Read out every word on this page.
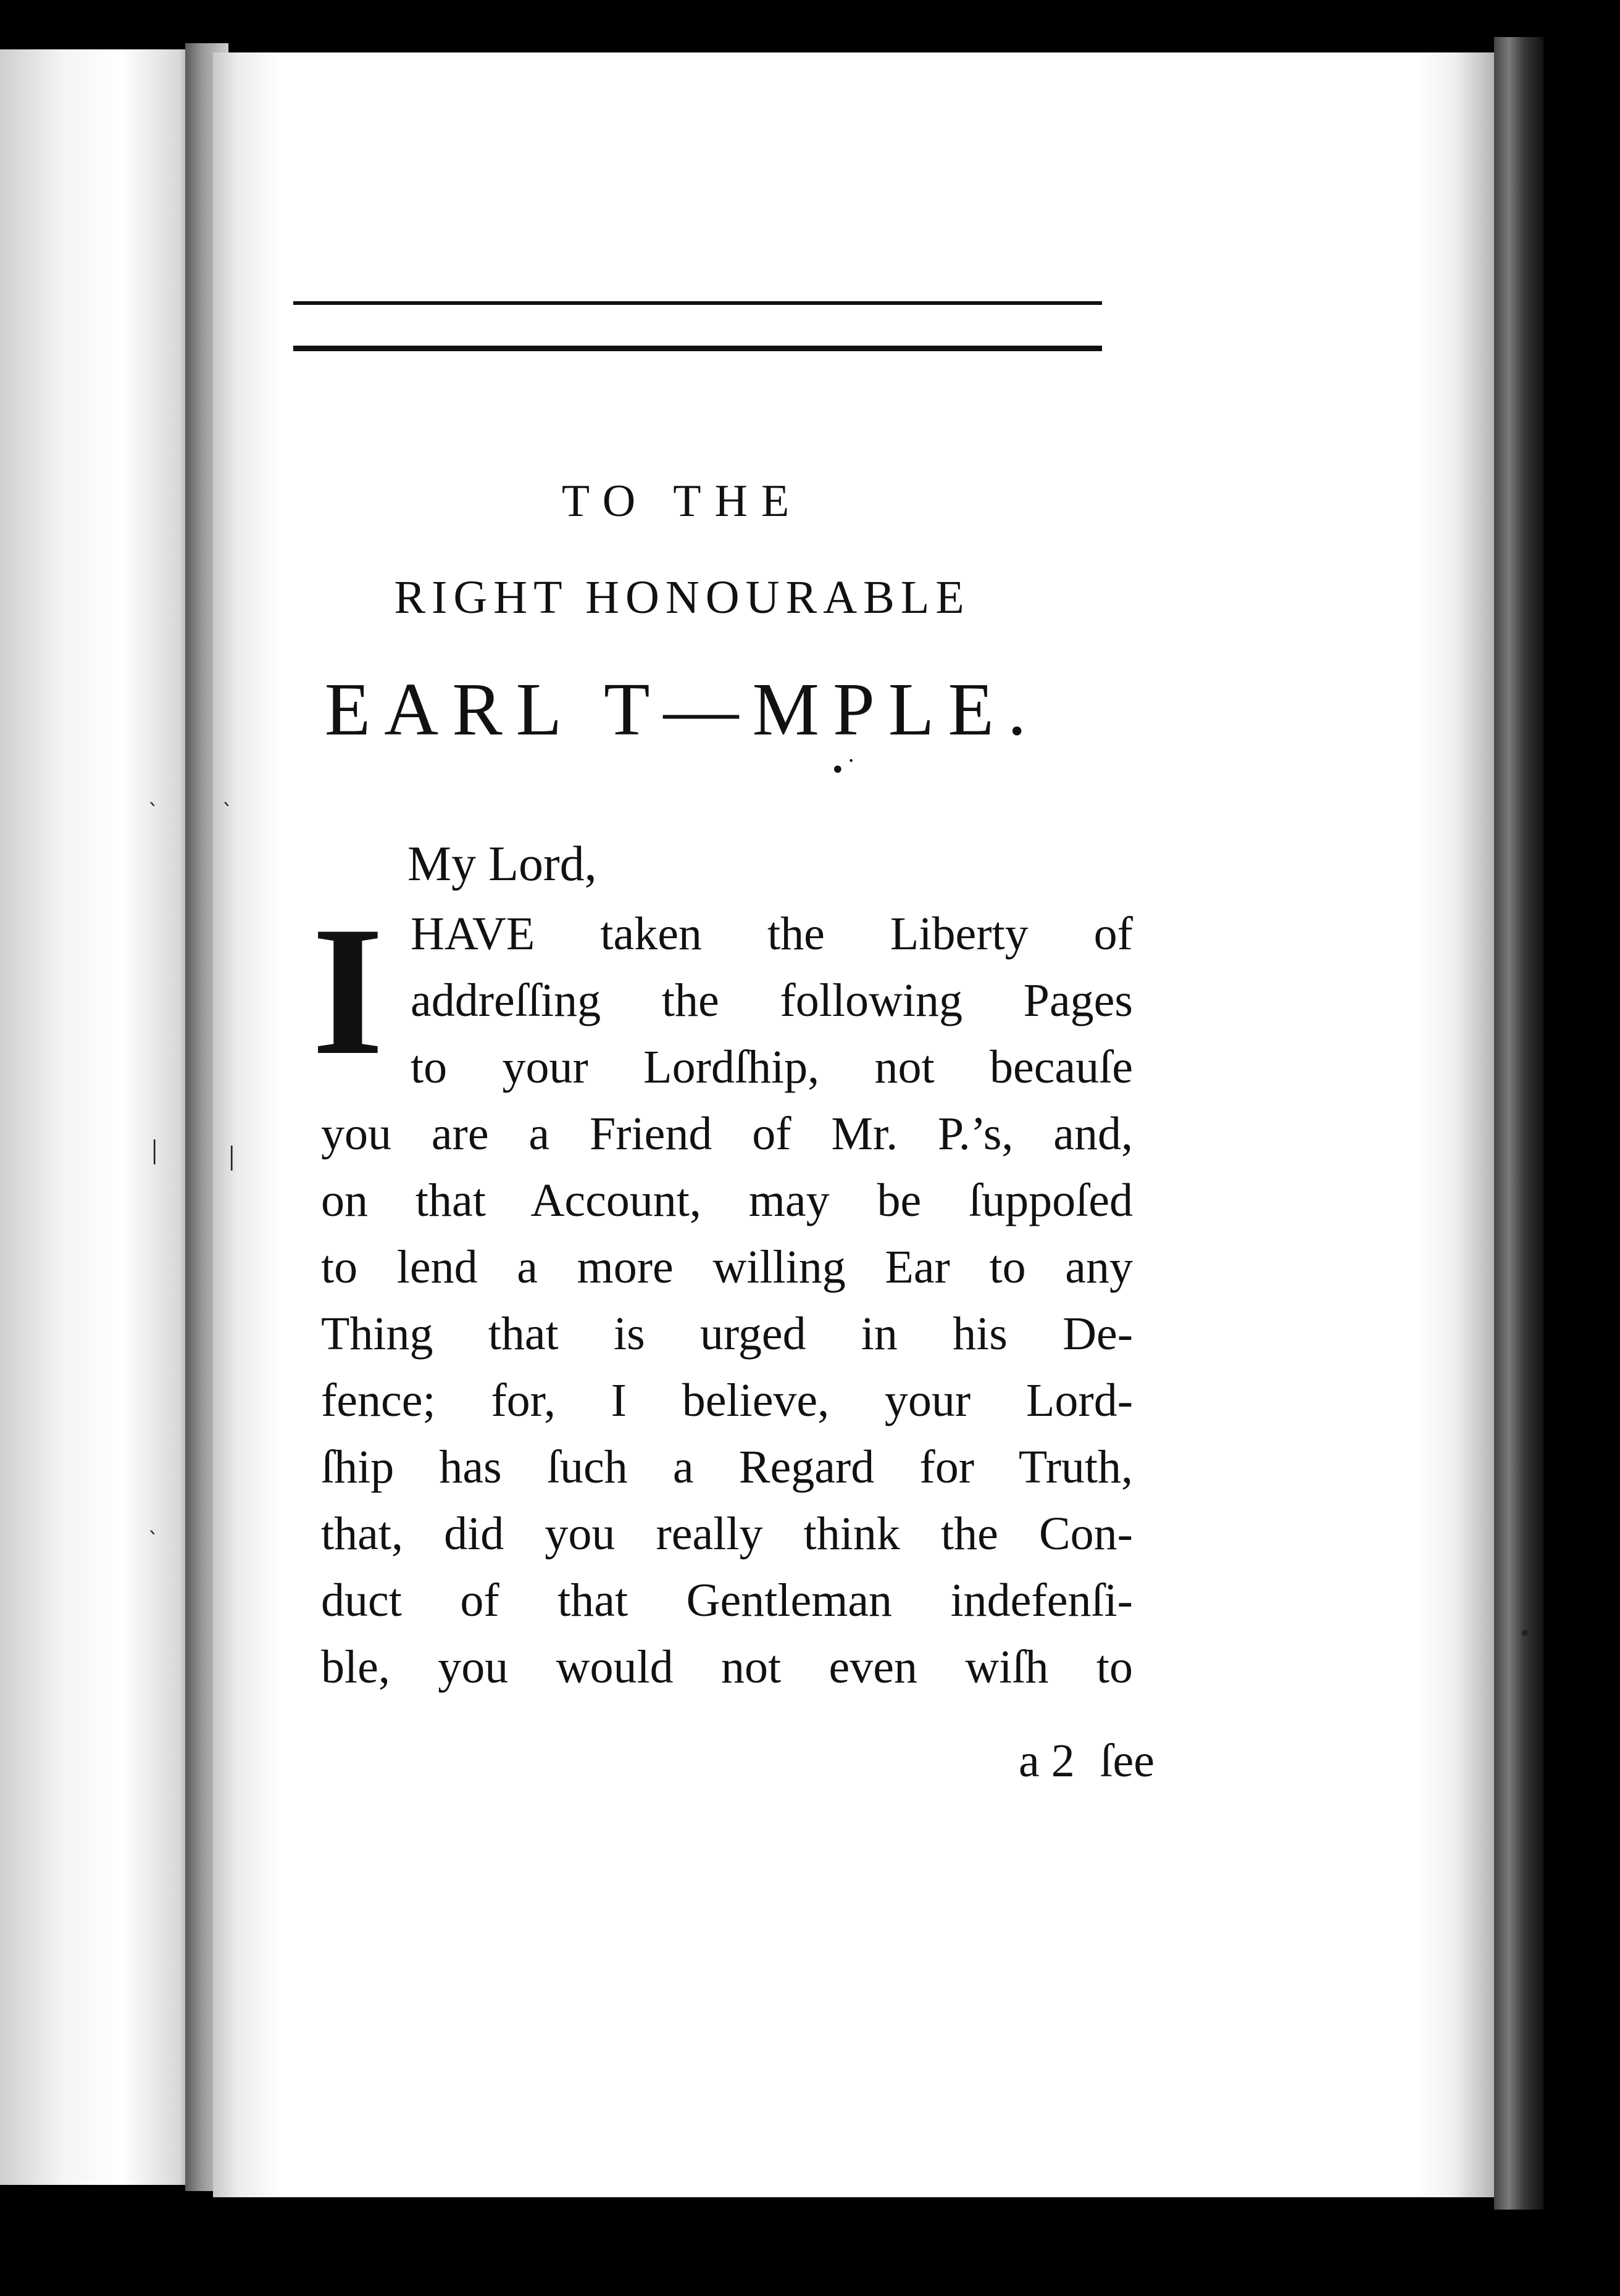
ˎ	ˎ
│	│
ˎ
•
TO THE
RIGHT HONOURABLE
EARL T—MPLE.
•˙
My Lord,
I HAVE taken the Liberty of
addreſſing the following Pages
to your Lordſhip, not becauſe
you are a Friend of Mr. P.’s, and,
on that Account, may be ſuppoſed
to lend a more willing Ear to any
Thing that is urged in his De-
fence; for, I believe, your Lord-
ſhip has ſuch a Regard for Truth,
that, did you really think the Con-
duct of that Gentleman indefenſi-
ble, you would not even wiſh to
a 2 ſee
